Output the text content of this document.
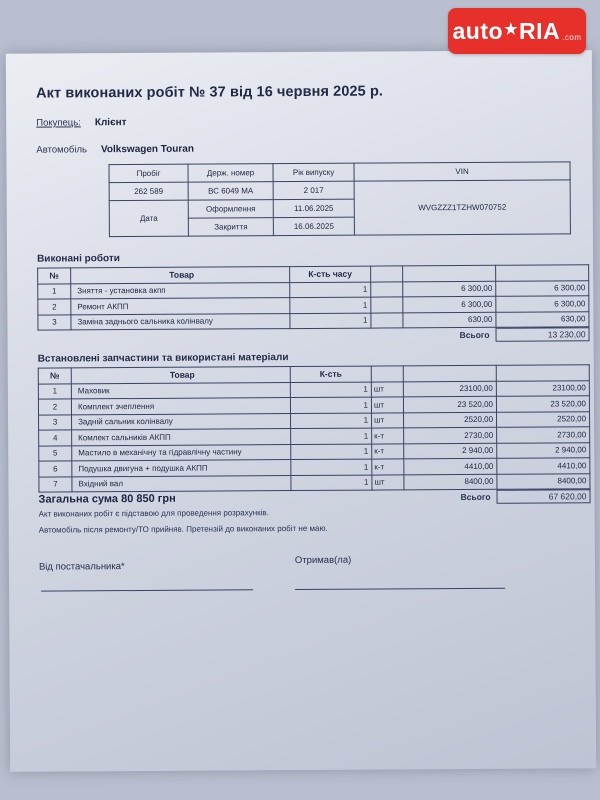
auto ★ RIA .com
Акт виконаних робіт № 37 від 16 червня 2025 р.
Покупець: Клієнт
Автомобіль Volkswagen Touran
Пробіг	Держ. номер	Рік випуску	VIN
262 589	ВС 6049 МА	2 017	WVGZZZ1TZHW070752
Дата	Оформлення	11.06.2025	
	Закриття	16.06.2025	
Виконані роботи
№	Товар	К-сть часу			
1	Зняття - установка акпп	1		6 300,00	6 300,00
2	Ремонт АКПП	1		6 300,00	6 300,00
3	Заміна заднього сальника колінвалу	1		630,00	630,00
Всього	13 230,00
Встановлені запчастини та використані матеріали
№	Товар	К-сть			
1	Маховик	1	шт	23100,00	23100,00
2	Комплект зчеплення	1	шт	23 520,00	23 520,00
3	Задній сальник колінвалу	1	шт	2520,00	2520,00
4	Комлект сальників АКПП	1	к-т	2730,00	2730,00
5	Мастило в механічну та гідравлічну частину	1	к-т	2 940,00	2 940,00
6	Подушка двигуна + подушка АКПП	1	к-т	4410,00	4410,00
7	Вхідний вал	1	шт	8400,00	8400,00
Всього	67 620,00
Загальна сума 80 850 грн
Акт виконаних робіт є підставою для проведення розрахунків.
Автомобіль після ремонту/ТО прийняв. Претензій до виконаних робіт не маю.
Від постачальника*
Отримав(ла)
